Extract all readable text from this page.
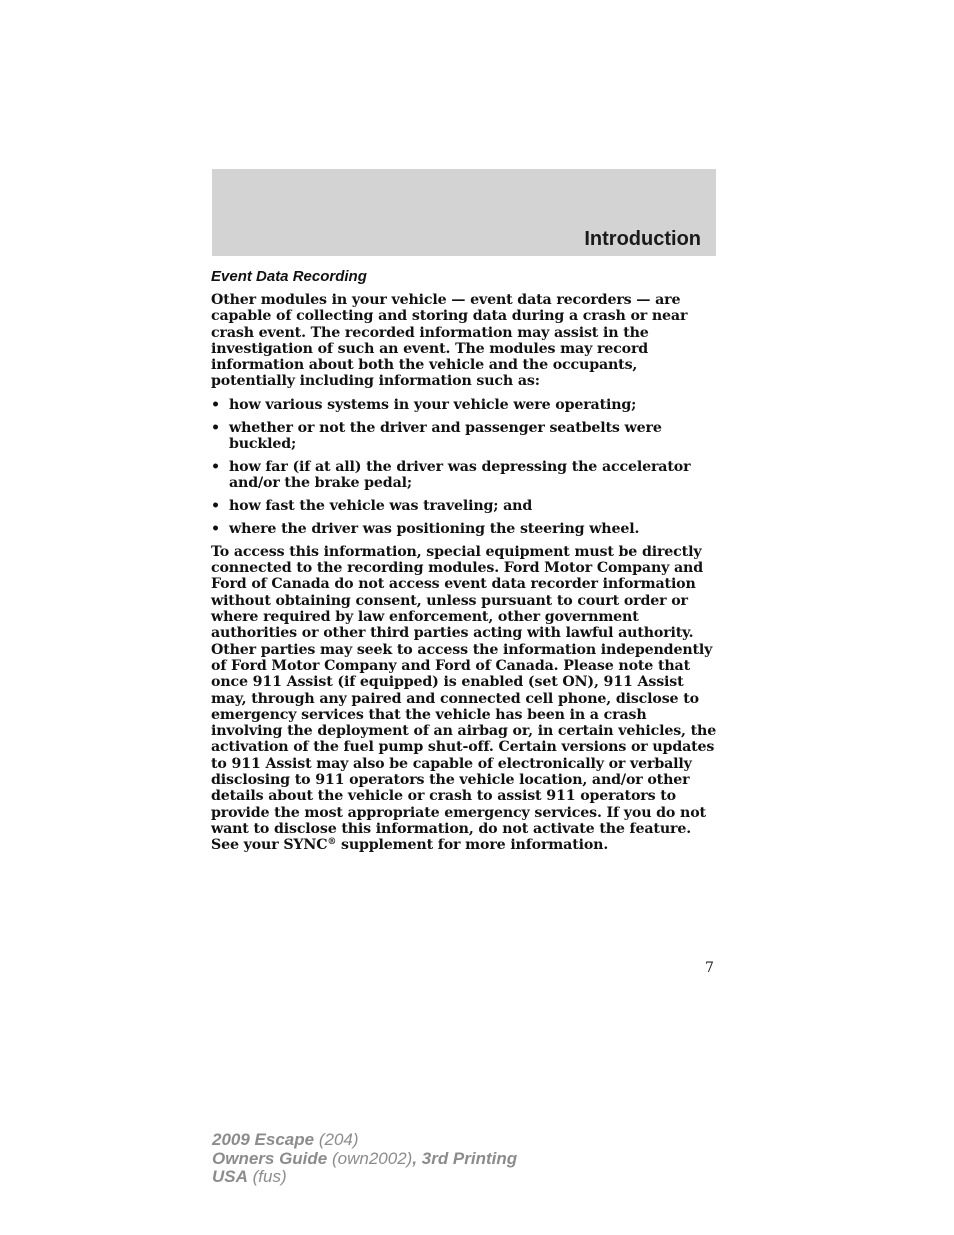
Introduction
Event Data Recording

Other modules in your vehicle — event data recorders — are capable of collecting and storing data during a crash or near crash event. The recorded information may assist in the investigation of such an event. The modules may record information about both the vehicle and the occupants, potentially including information such as:

• how various systems in your vehicle were operating;
• whether or not the driver and passenger seatbelts were buckled;
• how far (if at all) the driver was depressing the accelerator and/or the brake pedal;
• how fast the vehicle was traveling; and
• where the driver was positioning the steering wheel.

To access this information, special equipment must be directly connected to the recording modules. Ford Motor Company and Ford of Canada do not access event data recorder information without obtaining consent, unless pursuant to court order or where required by law enforcement, other government authorities or other third parties acting with lawful authority. Other parties may seek to access the information independently of Ford Motor Company and Ford of Canada. Please note that once 911 Assist (if equipped) is enabled (set ON), 911 Assist may, through any paired and connected cell phone, disclose to emergency services that the vehicle has been in a crash involving the deployment of an airbag or, in certain vehicles, the activation of the fuel pump shut-off. Certain versions or updates to 911 Assist may also be capable of electronically or verbally disclosing to 911 operators the vehicle location, and/or other details about the vehicle or crash to assist 911 operators to provide the most appropriate emergency services. If you do not want to disclose this information, do not activate the feature. See your SYNC® supplement for more information.

7
2009 Escape (204)
Owners Guide (own2002), 3rd Printing
USA (fus)
